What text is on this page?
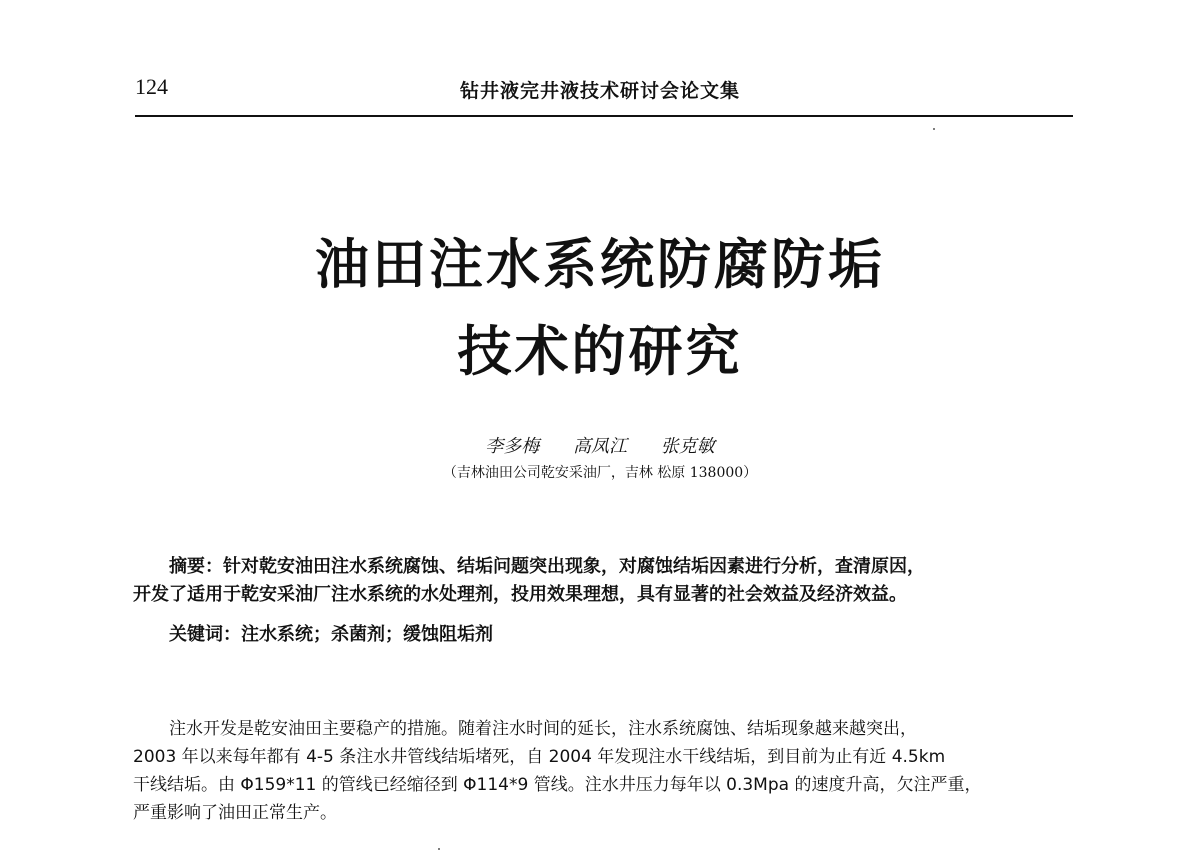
124	钻井液完井液技术研讨会论文集
油田注水系统防腐防垢
技术的研究
李多梅 高凤江 张克敏
（吉林油田公司乾安采油厂，吉林 松原 138000）
摘要：针对乾安油田注水系统腐蚀、结垢问题突出现象，对腐蚀结垢因素进行分析，查清原因，
开发了适用于乾安采油厂注水系统的水处理剂，投用效果理想，具有显著的社会效益及经济效益。
关键词：注水系统；杀菌剂；缓蚀阻垢剂

注水开发是乾安油田主要稳产的措施。随着注水时间的延长，注水系统腐蚀、结垢现象越来越突出，

2003 年以来每年都有 4-5 条注水井管线结垢堵死，自 2004 年发现注水干线结垢，到目前为止有近 4.5km
干线结垢。由 Φ159*11 的管线已经缩径到 Φ114*9 管线。注水井压力每年以 0.3Mpa 的速度升高，欠注严重，
严重影响了油田正常生产。
